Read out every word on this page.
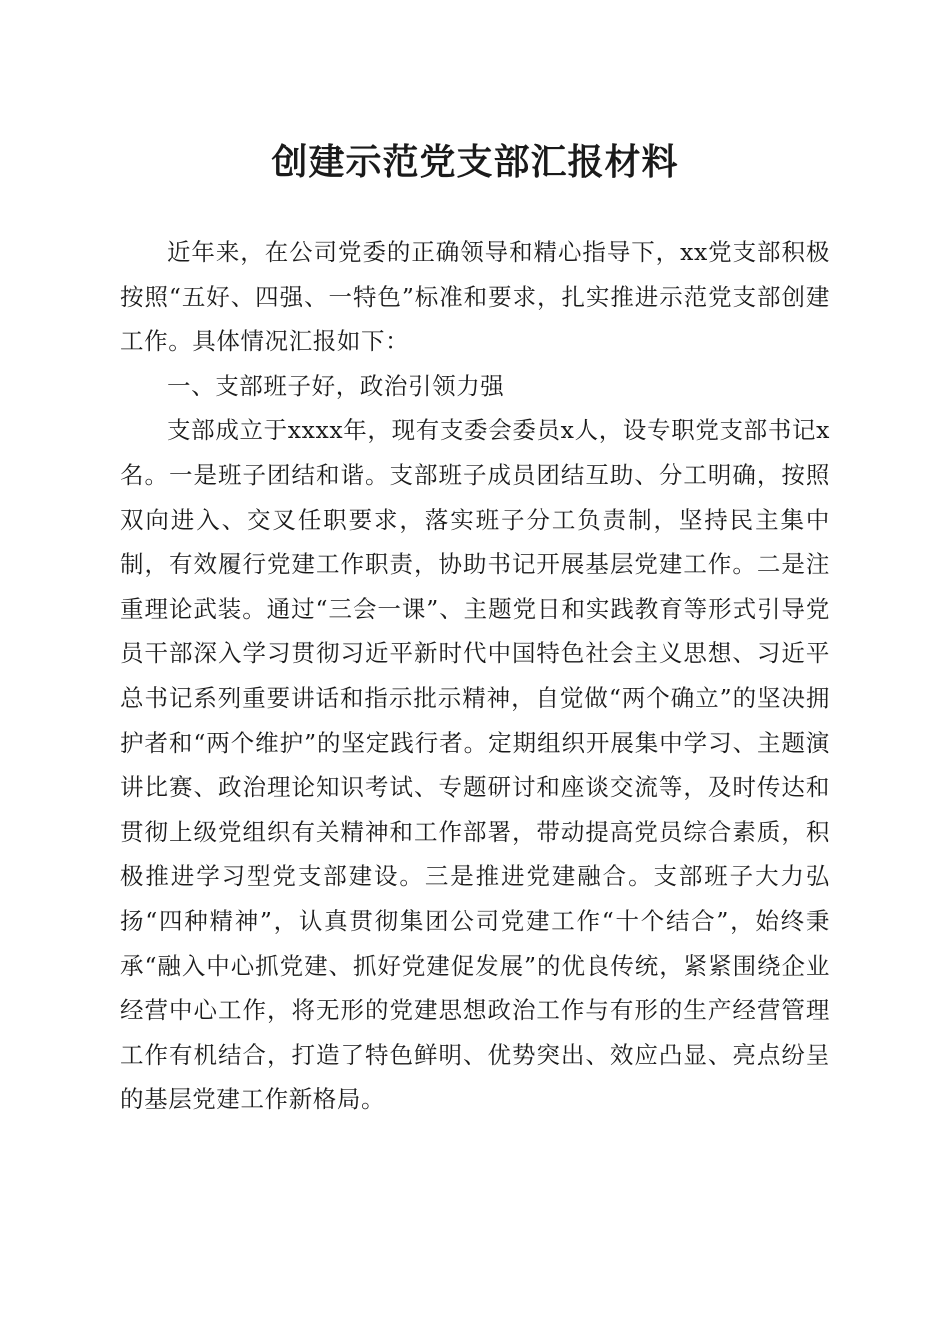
创建示范党支部汇报材料

近年来，在公司党委的正确领导和精心指导下，xx党支部积极按照“五好、四强、一特色”标准和要求，扎实推进示范党支部创建工作。具体情况汇报如下：

一、支部班子好，政治引领力强

支部成立于xxxx年，现有支委会委员x人，设专职党支部书记x名。一是班子团结和谐。支部班子成员团结互助、分工明确，按照双向进入、交叉任职要求，落实班子分工负责制，坚持民主集中制，有效履行党建工作职责，协助书记开展基层党建工作。二是注重理论武装。通过“三会一课”、主题党日和实践教育等形式引导党员干部深入学习贯彻习近平新时代中国特色社会主义思想、习近平总书记系列重要讲话和指示批示精神，自觉做“两个确立”的坚决拥护者和“两个维护”的坚定践行者。定期组织开展集中学习、主题演讲比赛、政治理论知识考试、专题研讨和座谈交流等，及时传达和贯彻上级党组织有关精神和工作部署，带动提高党员综合素质，积极推进学习型党支部建设。三是推进党建融合。支部班子大力弘扬“四种精神”，认真贯彻集团公司党建工作“十个结合”，始终秉承“融入中心抓党建、抓好党建促发展”的优良传统，紧紧围绕企业经营中心工作，将无形的党建思想政治工作与有形的生产经营管理工作有机结合，打造了特色鲜明、优势突出、效应凸显、亮点纷呈的基层党建工作新格局。
